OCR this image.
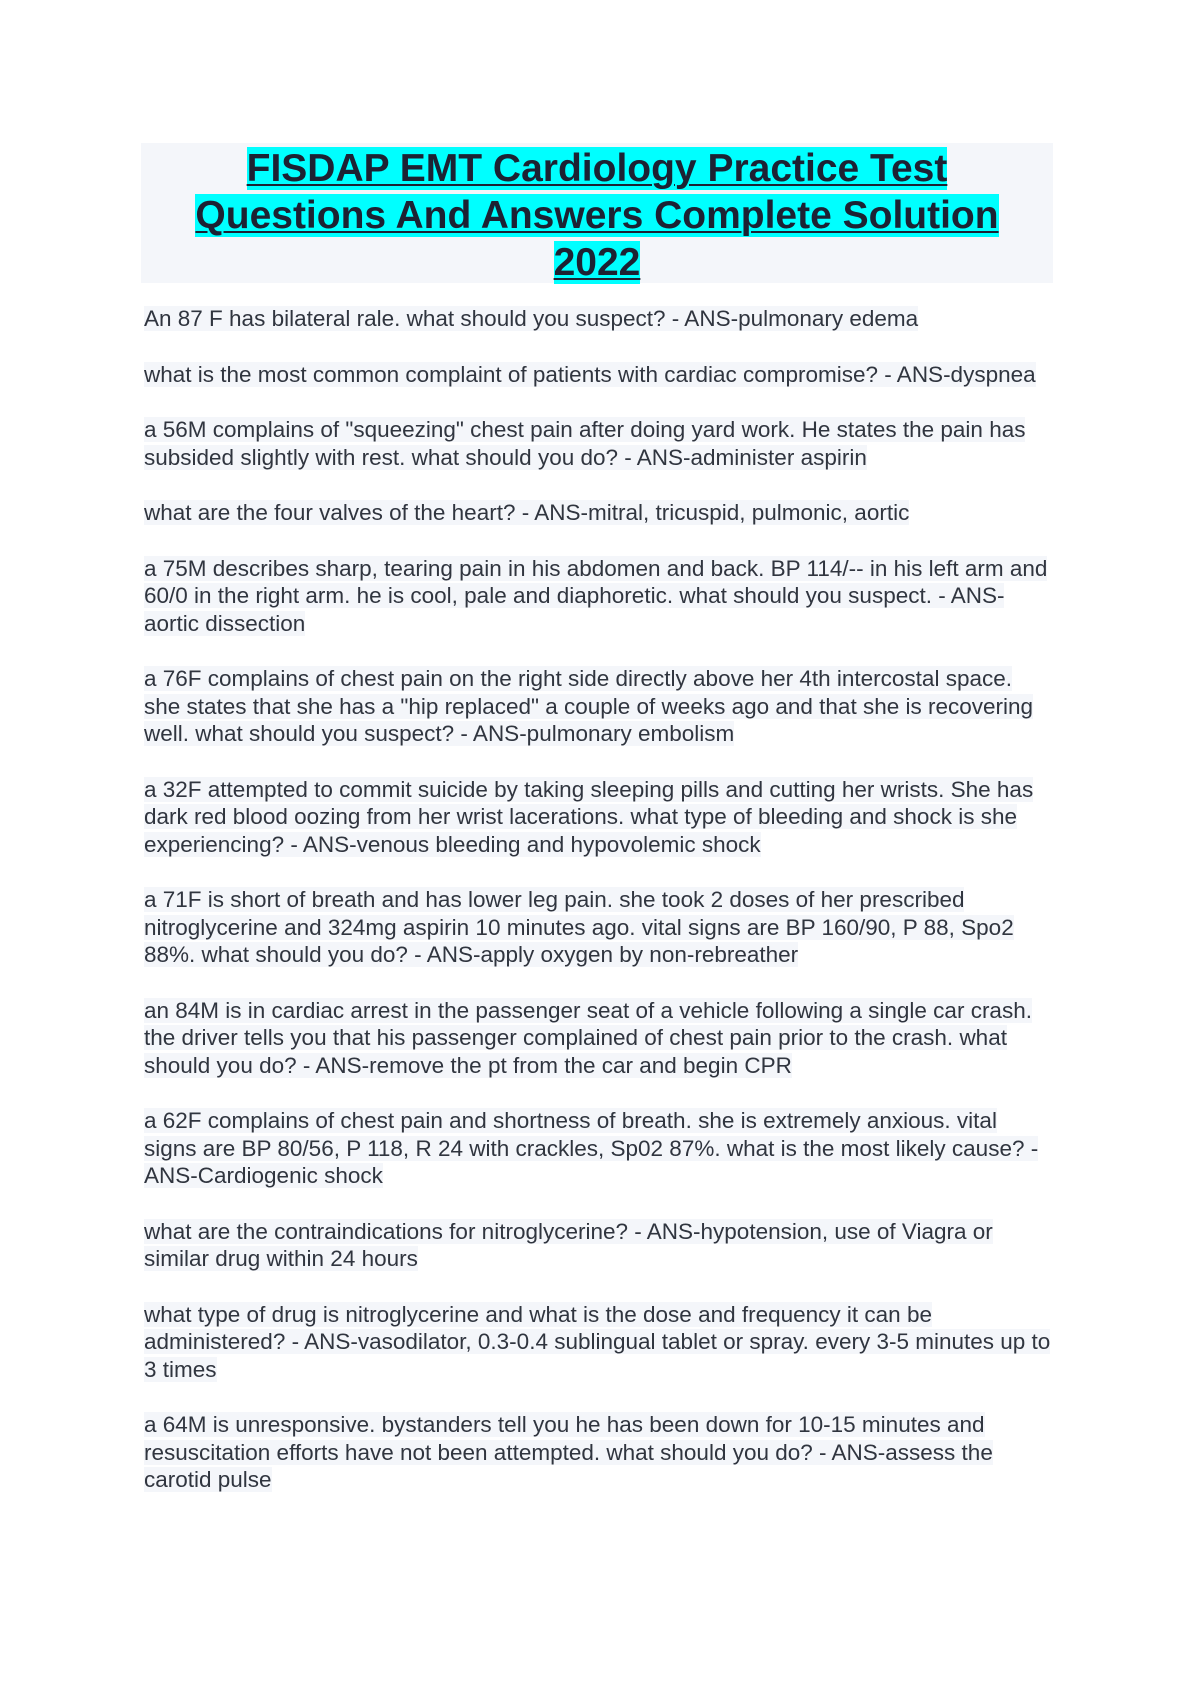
FISDAP EMT Cardiology Practice Test Questions And Answers Complete Solution 2022

An 87 F has bilateral rale. what should you suspect? - ANS-pulmonary edema

what is the most common complaint of patients with cardiac compromise? - ANS-dyspnea

a 56M complains of "squeezing" chest pain after doing yard work. He states the pain has subsided slightly with rest. what should you do? - ANS-administer aspirin

what are the four valves of the heart? - ANS-mitral, tricuspid, pulmonic, aortic

a 75M describes sharp, tearing pain in his abdomen and back. BP 114/-- in his left arm and 60/0 in the right arm. he is cool, pale and diaphoretic. what should you suspect. - ANS-aortic dissection

a 76F complains of chest pain on the right side directly above her 4th intercostal space. she states that she has a "hip replaced" a couple of weeks ago and that she is recovering well. what should you suspect? - ANS-pulmonary embolism

a 32F attempted to commit suicide by taking sleeping pills and cutting her wrists. She has dark red blood oozing from her wrist lacerations. what type of bleeding and shock is she experiencing? - ANS-venous bleeding and hypovolemic shock

a 71F is short of breath and has lower leg pain. she took 2 doses of her prescribed nitroglycerine and 324mg aspirin 10 minutes ago. vital signs are BP 160/90, P 88, Spo2 88%. what should you do? - ANS-apply oxygen by non-rebreather

an 84M is in cardiac arrest in the passenger seat of a vehicle following a single car crash. the driver tells you that his passenger complained of chest pain prior to the crash. what should you do? - ANS-remove the pt from the car and begin CPR

a 62F complains of chest pain and shortness of breath. she is extremely anxious. vital signs are BP 80/56, P 118, R 24 with crackles, Sp02 87%. what is the most likely cause? - ANS-Cardiogenic shock

what are the contraindications for nitroglycerine? - ANS-hypotension, use of Viagra or similar drug within 24 hours

what type of drug is nitroglycerine and what is the dose and frequency it can be administered? - ANS-vasodilator, 0.3-0.4 sublingual tablet or spray. every 3-5 minutes up to 3 times

a 64M is unresponsive. bystanders tell you he has been down for 10-15 minutes and resuscitation efforts have not been attempted. what should you do? - ANS-assess the carotid pulse
